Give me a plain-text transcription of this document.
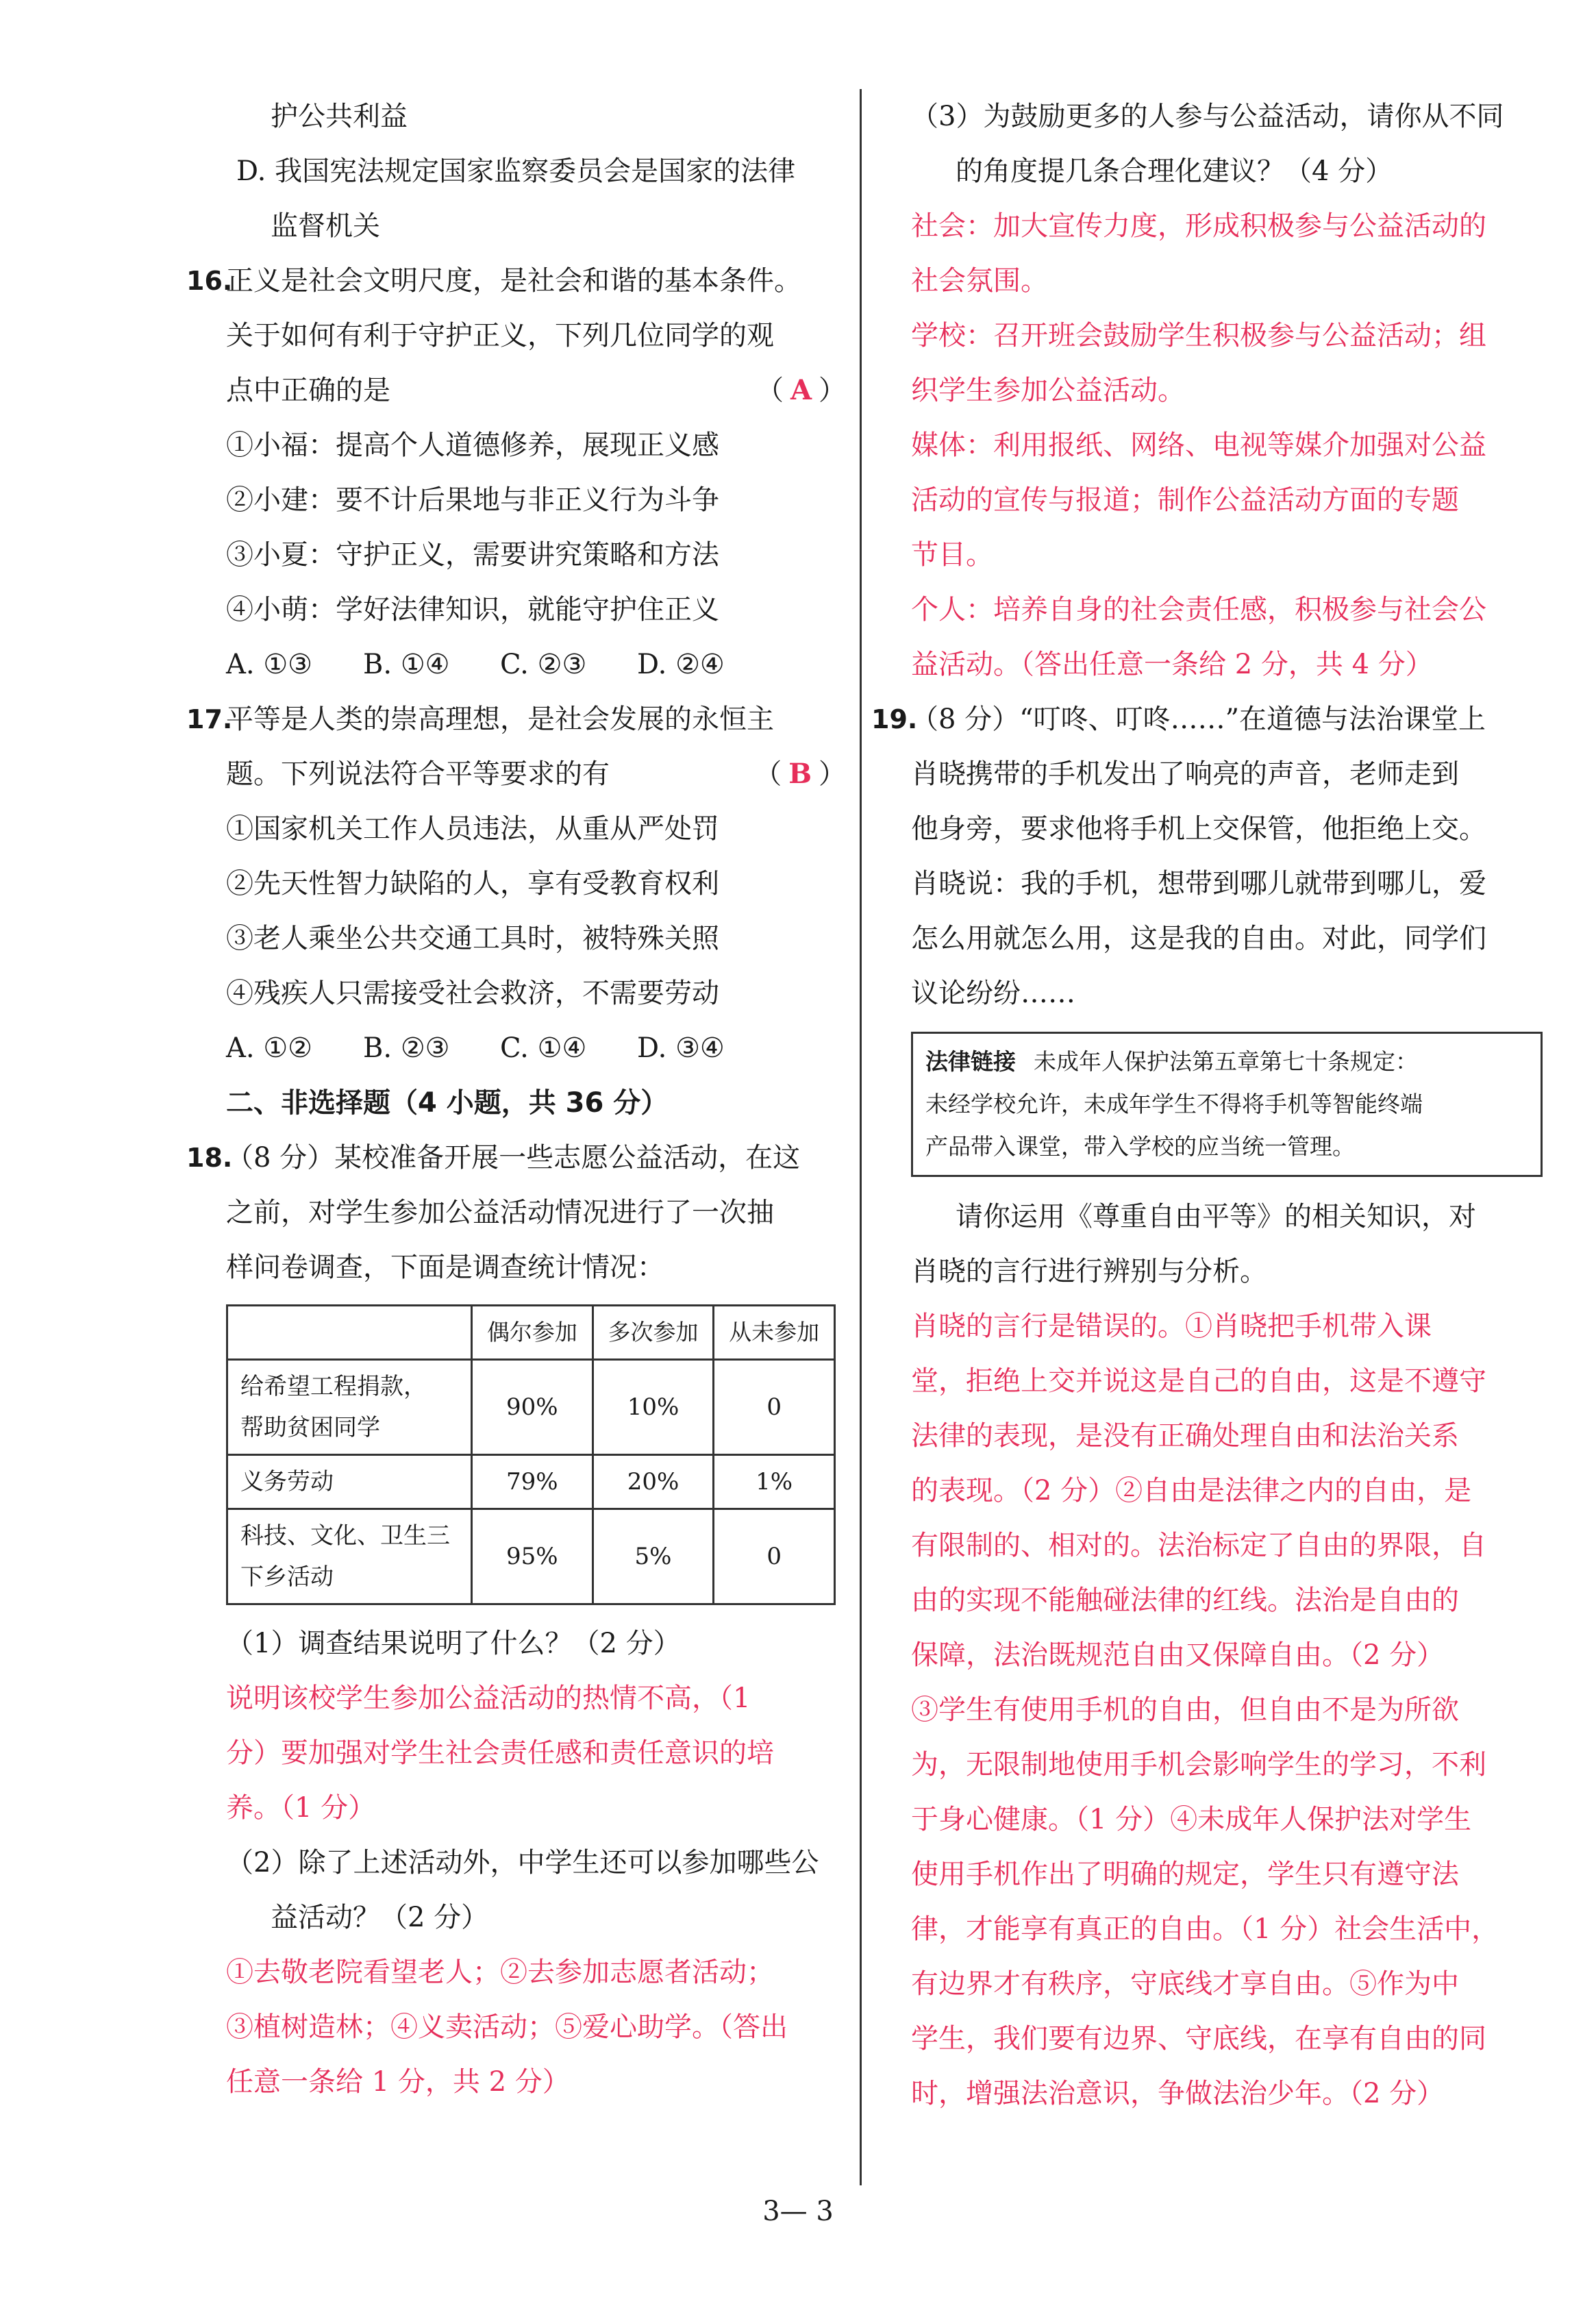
护公共利益
D. 我国宪法规定国家监察委员会是国家的法律
监督机关
16.
正义是社会文明尺度，是社会和谐的基本条件。
关于如何有利于守护正义，下列几位同学的观
点中正确的是	（ A ）
①小福：提高个人道德修养，展现正义感
②小建：要不计后果地与非正义行为斗争
③小夏：守护正义，需要讲究策略和方法
④小萌：学好法律知识，就能守护住正义
A. ①③ B. ①④ C. ②③ D. ②④
17.
平等是人类的崇高理想，是社会发展的永恒主
题。下列说法符合平等要求的有	（ B ）
①国家机关工作人员违法，从重从严处罚
②先天性智力缺陷的人，享有受教育权利
③老人乘坐公共交通工具时，被特殊关照
④残疾人只需接受社会救济，不需要劳动
A. ①② B. ②③ C. ①④ D. ③④
二、非选择题（4 小题，共 36 分）
18.
（8 分）某校准备开展一些志愿公益活动，在这
之前，对学生参加公益活动情况进行了一次抽
样问卷调查，下面是调查统计情况：
	偶尔参加	多次参加	从未参加
给希望工程捐款，
帮助贫困同学	90%	10%	0
义务劳动	79%	20%	1%
科技、文化、卫生三
下乡活动	95%	5%	0
（1）调查结果说明了什么？（2 分）
说明该校学生参加公益活动的热情不高，（1
分）要加强对学生社会责任感和责任意识的培
养。（1 分）
（2）除了上述活动外，中学生还可以参加哪些公
益活动？（2 分）
①去敬老院看望老人；②去参加志愿者活动；
③植树造林；④义卖活动；⑤爱心助学。（答出
任意一条给 1 分，共 2 分）
（3）为鼓励更多的人参与公益活动，请你从不同
的角度提几条合理化建议？（4 分）
社会：加大宣传力度，形成积极参与公益活动的
社会氛围。
学校：召开班会鼓励学生积极参与公益活动；组
织学生参加公益活动。
媒体：利用报纸、网络、电视等媒介加强对公益
活动的宣传与报道；制作公益活动方面的专题
节目。
个人：培养自身的社会责任感，积极参与社会公
益活动。（答出任意一条给 2 分，共 4 分）
19.
（8 分）“叮咚、叮咚……”在道德与法治课堂上
肖晓携带的手机发出了响亮的声音，老师走到
他身旁，要求他将手机上交保管，他拒绝上交。
肖晓说：我的手机，想带到哪儿就带到哪儿，爱
怎么用就怎么用，这是我的自由。对此，同学们
议论纷纷……
法律链接 未成年人保护法第五章第七十条规定：
未经学校允许，未成年学生不得将手机等智能终端
产品带入课堂，带入学校的应当统一管理。
请你运用《尊重自由平等》的相关知识，对
肖晓的言行进行辨别与分析。
肖晓的言行是错误的。①肖晓把手机带入课
堂，拒绝上交并说这是自己的自由，这是不遵守
法律的表现，是没有正确处理自由和法治关系
的表现。（2 分）②自由是法律之内的自由，是
有限制的、相对的。法治标定了自由的界限，自
由的实现不能触碰法律的红线。法治是自由的
保障，法治既规范自由又保障自由。（2 分）
③学生有使用手机的自由，但自由不是为所欲
为，无限制地使用手机会影响学生的学习，不利
于身心健康。（1 分）④未成年人保护法对学生
使用手机作出了明确的规定，学生只有遵守法
律，才能享有真正的自由。（1 分）社会生活中，
有边界才有秩序，守底线才享自由。⑤作为中
学生，我们要有边界、守底线，在享有自由的同
时，增强法治意识，争做法治少年。（2 分）
3— 3
